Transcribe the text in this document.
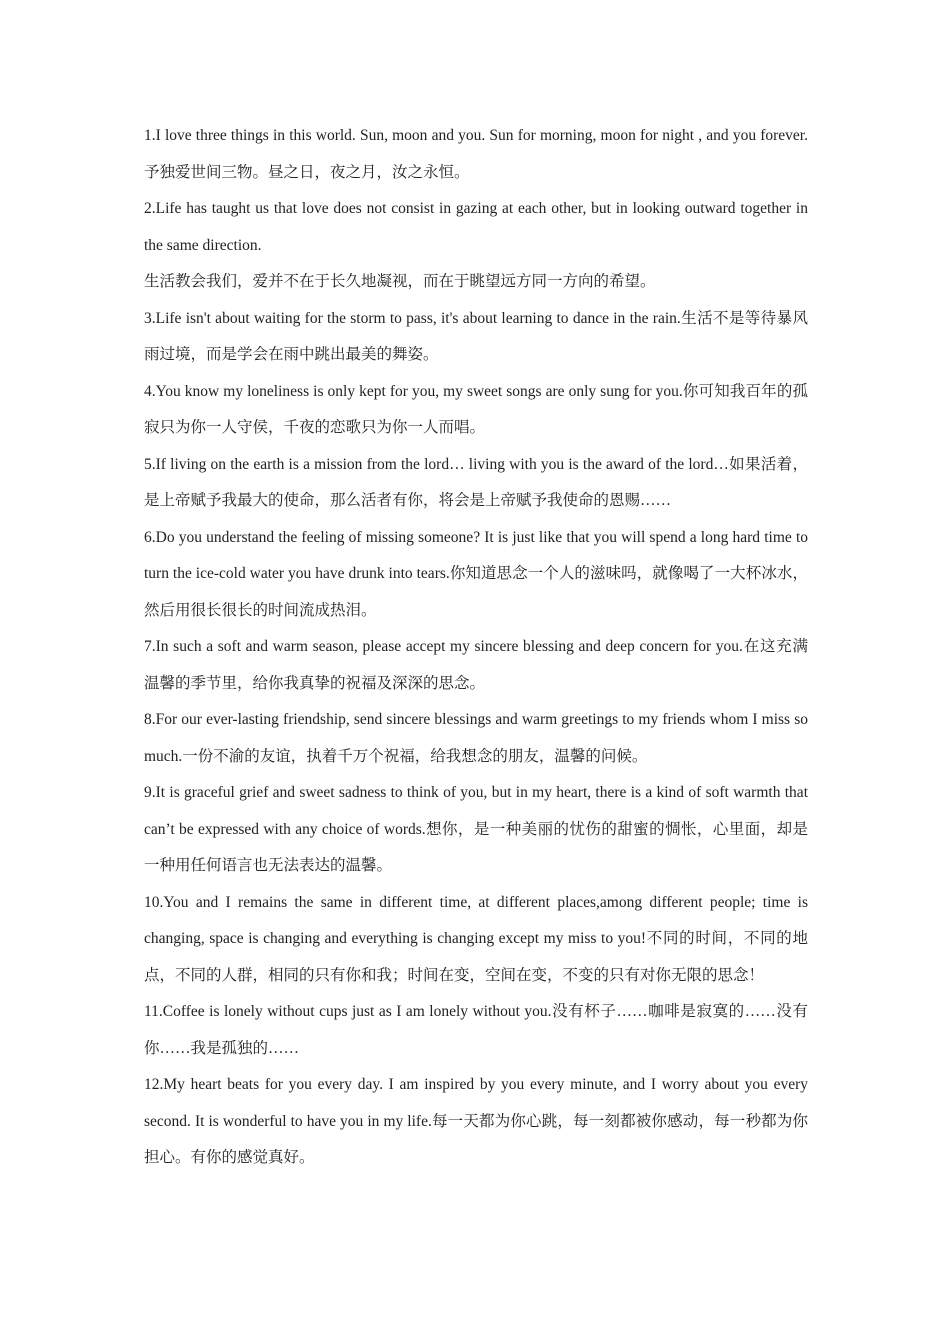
1.I love three things in this world. Sun, moon and you. Sun for morning, moon for night , and you forever.予独爱世间三物。昼之日，夜之月，汝之永恒。

2.Life has taught us that love does not consist in gazing at each other, but in looking outward together in the same direction.
生活教会我们，爱并不在于长久地凝视，而在于眺望远方同一方向的希望。

3.Life isn't about waiting for the storm to pass, it's about learning to dance in the rain.生活不是等待暴风雨过境，而是学会在雨中跳出最美的舞姿。

4.You know my loneliness is only kept for you, my sweet songs are only sung for you.你可知我百年的孤寂只为你一人守侯，千夜的恋歌只为你一人而唱。

5.If living on the earth is a mission from the lord… living with you is the award of the lord…如果活着，是上帝赋予我最大的使命，那么活者有你，将会是上帝赋予我使命的恩赐……

6.Do you understand the feeling of missing someone? It is just like that you will spend a long hard time to turn the ice-cold water you have drunk into tears.你知道思念一个人的滋味吗，就像喝了一大杯冰水，然后用很长很长的时间流成热泪。

7.In such a soft and warm season, please accept my sincere blessing and deep concern for you.在这充满温馨的季节里，给你我真挚的祝福及深深的思念。

8.For our ever-lasting friendship, send sincere blessings and warm greetings to my friends whom I miss so much.一份不渝的友谊，执着千万个祝福，给我想念的朋友，温馨的问候。

9.It is graceful grief and sweet sadness to think of you, but in my heart, there is a kind of soft warmth that can’t be expressed with any choice of words.想你，是一种美丽的忧伤的甜蜜的惆怅，心里面，却是一种用任何语言也无法表达的温馨。

10.You and I remains the same in different time, at different places,among different people; time is changing, space is changing and everything is changing except my miss to you!不同的时间，不同的地点，不同的人群，相同的只有你和我；时间在变，空间在变，不变的只有对你无限的思念！

11.Coffee is lonely without cups just as I am lonely without you.没有杯子……咖啡是寂寞的……没有你……我是孤独的……

12.My heart beats for you every day. I am inspired by you every minute, and I worry about you every second. It is wonderful to have you in my life.每一天都为你心跳，每一刻都被你感动，每一秒都为你担心。有你的感觉真好。
